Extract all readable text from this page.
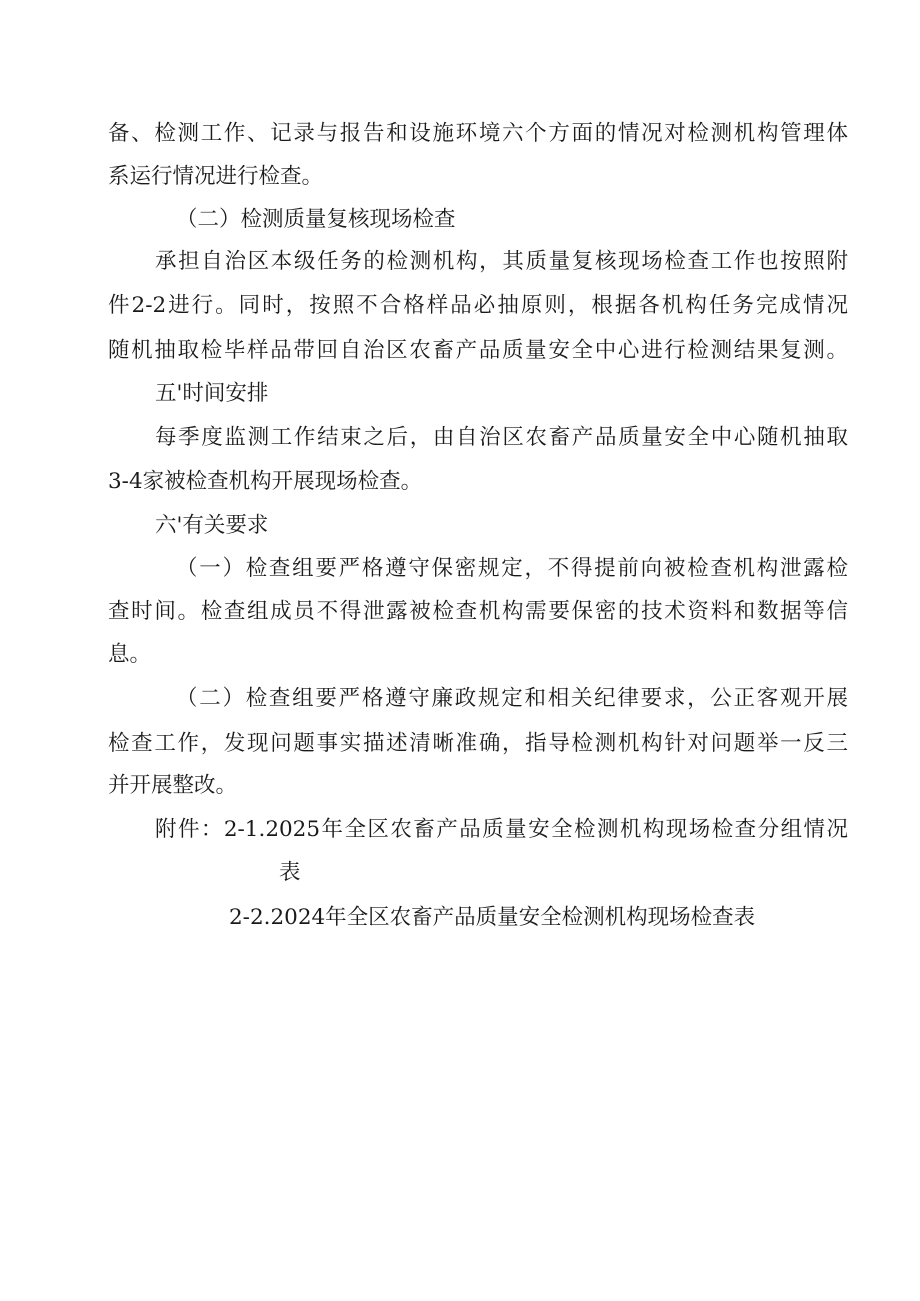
备、检测工作、记录与报告和设施环境六个方面的情况对检测机构管理体
系运行情况进行检查。
（二）检测质量复核现场检查
承担自治区本级任务的检测机构，其质量复核现场检查工作也按照附
件2-2进行。同时，按照不合格样品必抽原则，根据各机构任务完成情况
随机抽取检毕样品带回自治区农畜产品质量安全中心进行检测结果复测。
五'时间安排
每季度监测工作结束之后，由自治区农畜产品质量安全中心随机抽取
3-4家被检查机构开展现场检查。
六'有关要求
（一）检查组要严格遵守保密规定，不得提前向被检查机构泄露检
查时间。检查组成员不得泄露被检查机构需要保密的技术资料和数据等信
息。
（二）检查组要严格遵守廉政规定和相关纪律要求，公正客观开展
检查工作，发现问题事实描述清晰准确，指导检测机构针对问题举一反三
并开展整改。
附件：2-1.2025年全区农畜产品质量安全检测机构现场检查分组情况
表
2-2.2024年全区农畜产品质量安全检测机构现场检查表
